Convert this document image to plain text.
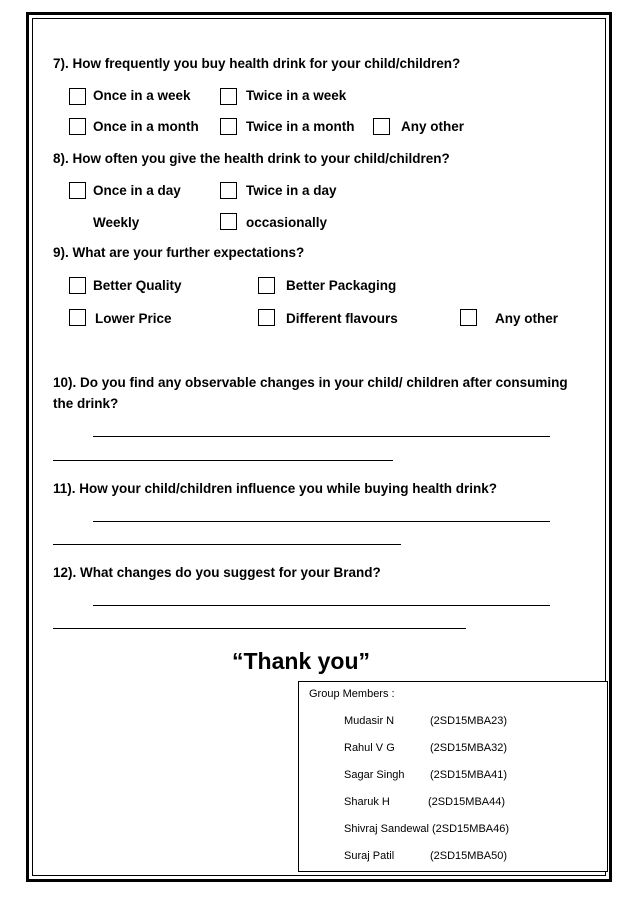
7). How frequently you buy health drink for your child/children?
Once in a week	Twice in a week
Once in a month	Twice in a month	Any other
8). How often you give the health drink to your child/children?
Once in a day	Twice in a day
Weekly	occasionally
9). What are your further expectations?
Better Quality	Better Packaging
Lower Price	Different flavours	Any other
10). Do you find any observable changes in your child/ children after consuming
the drink?
11). How your child/children influence you while buying health drink?
12). What changes do you suggest for your Brand?
“Thank you”
Group Members :
Mudasir N	(2SD15MBA23)
Rahul V G	(2SD15MBA32)
Sagar Singh (2SD15MBA41)
Sharuk H	(2SD15MBA44)
Shivraj Sandewal (2SD15MBA46)
Suraj Patil	(2SD15MBA50)
